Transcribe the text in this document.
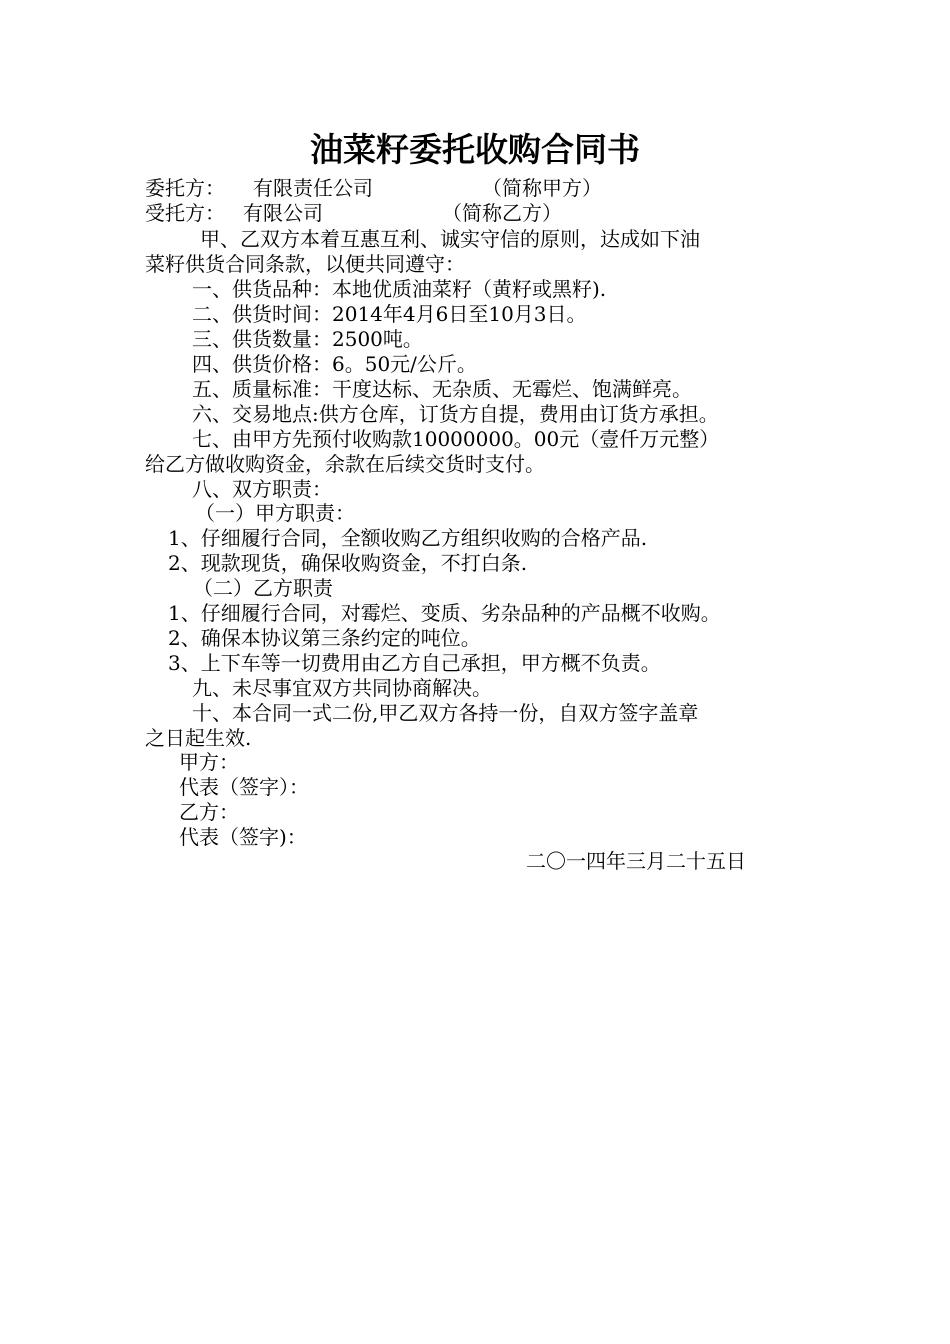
油菜籽委托收购合同书
委托方： 有限责任公司	（简称甲方）
受托方： 有限公司	（简称乙方）
甲、乙双方本着互惠互利、诚实守信的原则，达成如下油
菜籽供货合同条款，以便共同遵守：
一、供货品种：本地优质油菜籽（黄籽或黑籽).
二、供货时间：2014年4月6日至10月3日。
三、供货数量：2500吨。
四、供货价格：6。50元/公斤。
五、质量标准：干度达标、无杂质、无霉烂、饱满鲜亮。
六、交易地点:供方仓库，订货方自提，费用由订货方承担。
七、由甲方先预付收购款10000000。00元（壹仟万元整）
给乙方做收购资金，余款在后续交货时支付。
八、双方职责：
（一）甲方职责：
1、仔细履行合同，全额收购乙方组织收购的合格产品.
2、现款现货，确保收购资金，不打白条.
（二）乙方职责
1、仔细履行合同，对霉烂、变质、劣杂品种的产品概不收购。
2、确保本协议第三条约定的吨位。
3、上下车等一切费用由乙方自己承担，甲方概不负责。
九、未尽事宜双方共同协商解决。
十、本合同一式二份,甲乙双方各持一份，自双方签字盖章
之日起生效.
甲方：
代表（签字）：
乙方：
代表（签字)：
二〇一四年三月二十五日
